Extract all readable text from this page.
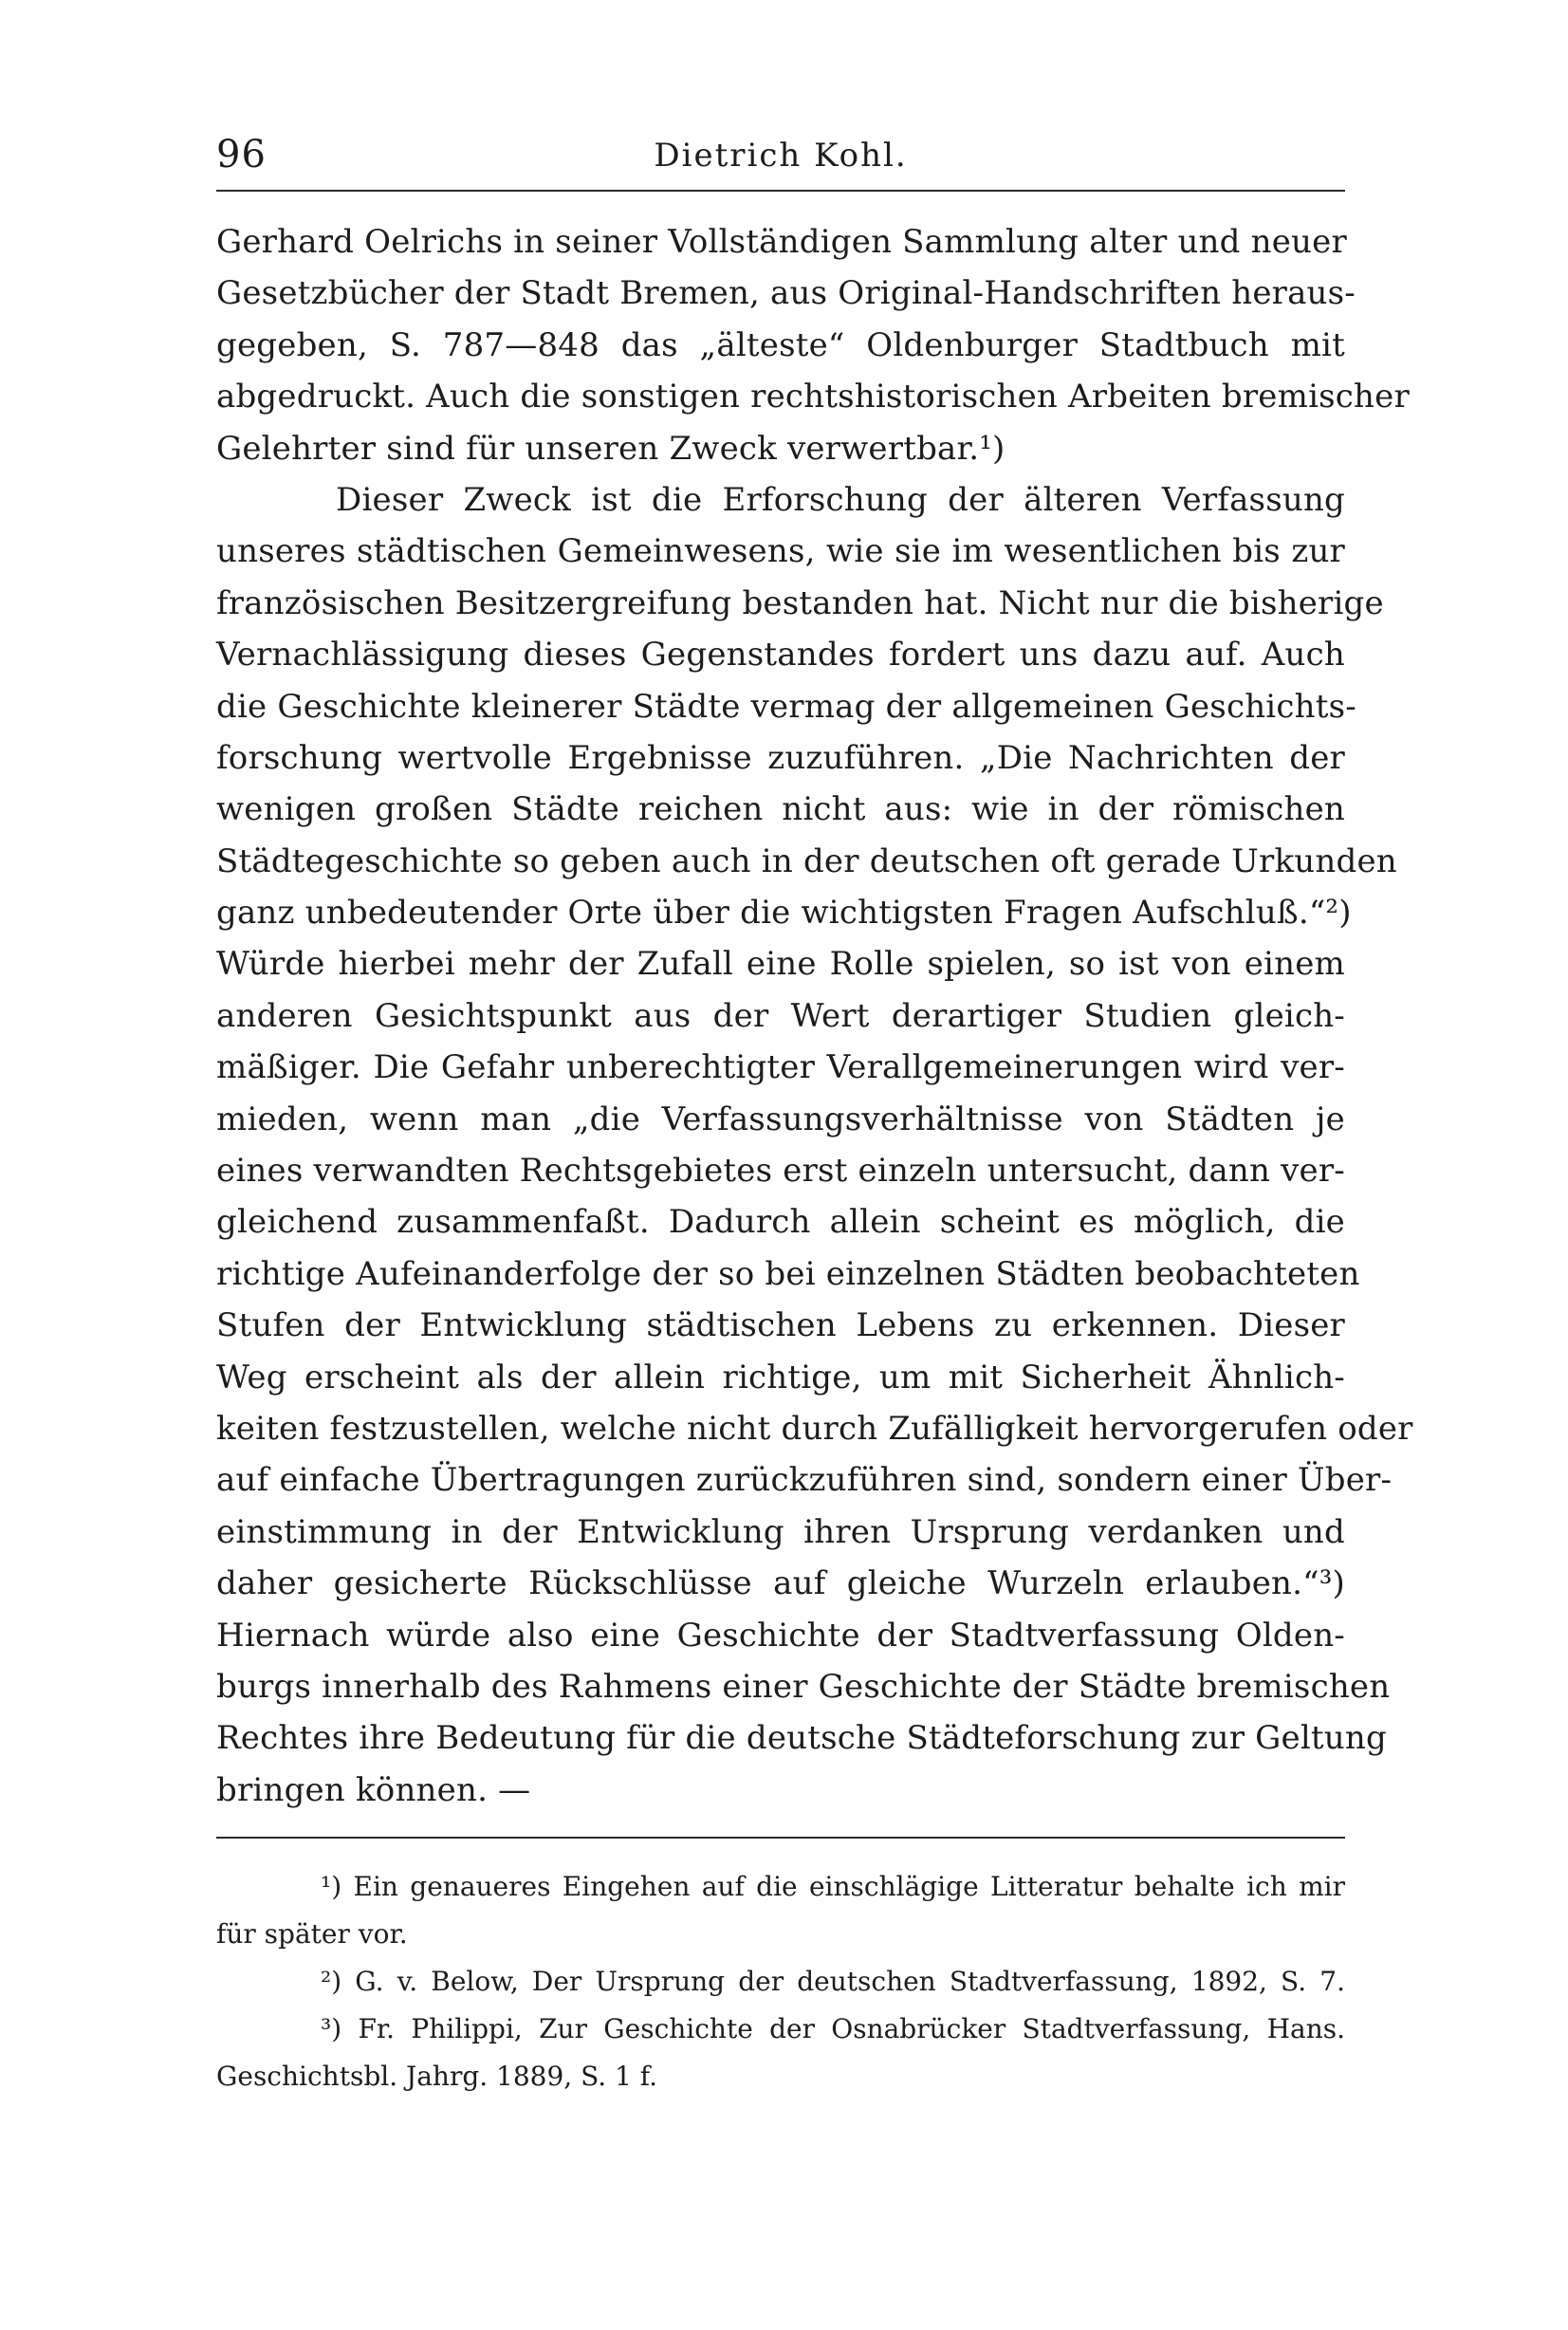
96	Dietrich Kohl.
Gerhard Oelrichs in seiner Vollständigen Sammlung alter und neuer
Gesetzbücher der Stadt Bremen, aus Original-Handschriften heraus-
gegeben, S. 787—848 das „älteste“ Oldenburger Stadtbuch mit
abgedruckt. Auch die sonstigen rechtshistorischen Arbeiten bremischer
Gelehrter sind für unseren Zweck verwertbar.¹)
Dieser Zweck ist die Erforschung der älteren Verfassung
unseres städtischen Gemeinwesens, wie sie im wesentlichen bis zur
französischen Besitzergreifung bestanden hat. Nicht nur die bisherige
Vernachlässigung dieses Gegenstandes fordert uns dazu auf. Auch
die Geschichte kleinerer Städte vermag der allgemeinen Geschichts-
forschung wertvolle Ergebnisse zuzuführen. „Die Nachrichten der
wenigen großen Städte reichen nicht aus: wie in der römischen
Städtegeschichte so geben auch in der deutschen oft gerade Urkunden
ganz unbedeutender Orte über die wichtigsten Fragen Aufschluß.“²)
Würde hierbei mehr der Zufall eine Rolle spielen, so ist von einem
anderen Gesichtspunkt aus der Wert derartiger Studien gleich-
mäßiger. Die Gefahr unberechtigter Verallgemeinerungen wird ver-
mieden, wenn man „die Verfassungsverhältnisse von Städten je
eines verwandten Rechtsgebietes erst einzeln untersucht, dann ver-
gleichend zusammenfaßt. Dadurch allein scheint es möglich, die
richtige Aufeinanderfolge der so bei einzelnen Städten beobachteten
Stufen der Entwicklung städtischen Lebens zu erkennen. Dieser
Weg erscheint als der allein richtige, um mit Sicherheit Ähnlich-
keiten festzustellen, welche nicht durch Zufälligkeit hervorgerufen oder
auf einfache Übertragungen zurückzuführen sind, sondern einer Über-
einstimmung in der Entwicklung ihren Ursprung verdanken und
daher gesicherte Rückschlüsse auf gleiche Wurzeln erlauben.“³)
Hiernach würde also eine Geschichte der Stadtverfassung Olden-
burgs innerhalb des Rahmens einer Geschichte der Städte bremischen
Rechtes ihre Bedeutung für die deutsche Städteforschung zur Geltung
bringen können. —
¹) Ein genaueres Eingehen auf die einschlägige Litteratur behalte ich mir
für später vor.
²) G. v. Below, Der Ursprung der deutschen Stadtverfassung, 1892, S. 7.
³) Fr. Philippi, Zur Geschichte der Osnabrücker Stadtverfassung, Hans.
Geschichtsbl. Jahrg. 1889, S. 1 f.
